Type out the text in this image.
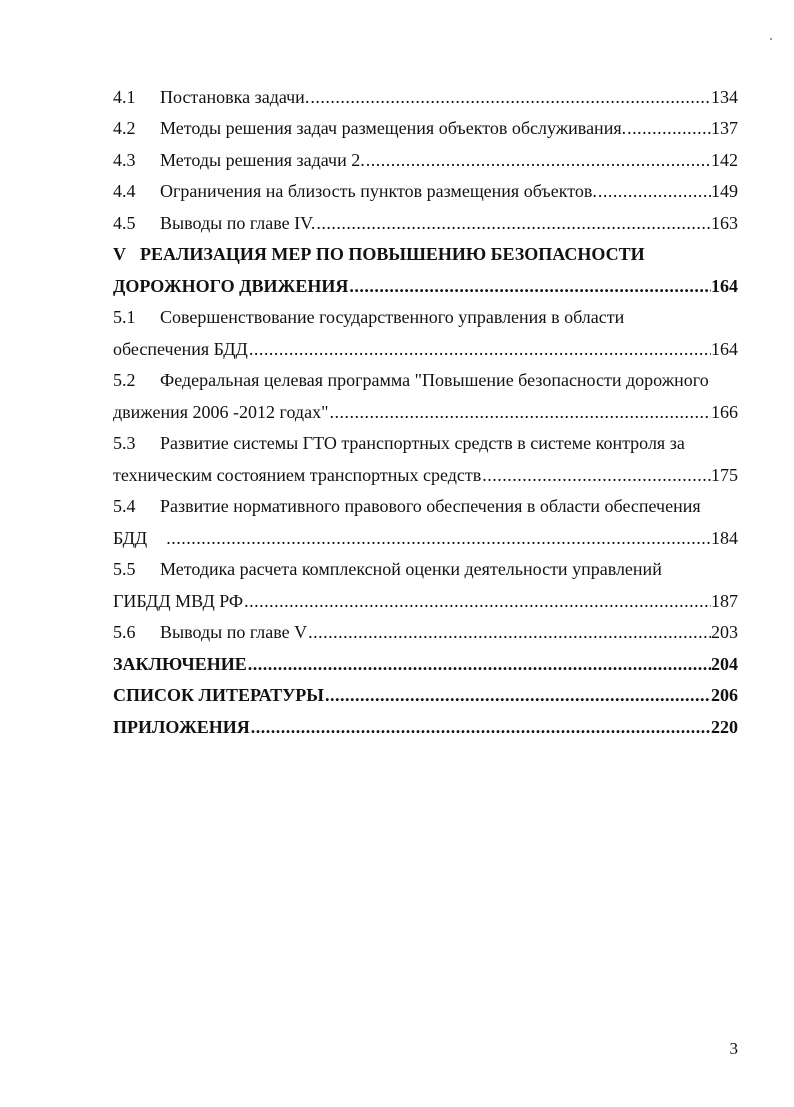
4.1	Постановка задачи. .....	134
4.2	Методы решения задач размещения объектов обслуживания. .....	137
4.3	Методы решения задачи 2. .....	142
4.4	Ограничения на близость пунктов размещения объектов. .....	149
4.5	Выводы по главе IV. .....	163
V РЕАЛИЗАЦИЯ МЕР ПО ПОВЫШЕНИЮ БЕЗОПАСНОСТИ
ДОРОЖНОГО ДВИЖЕНИЯ .....	164
5.1	Совершенствование государственного управления в области
обеспечения БДД .....	164
5.2	Федеральная целевая программа "Повышение безопасности дорожного
движения 2006 -2012 годах" .....	166
5.3	Развитие системы ГТО транспортных средств в системе контроля за
техническим состоянием транспортных средств .....	175
5.4	Развитие нормативного правового обеспечения в области обеспечения
БДД .....	184
5.5	Методика расчета комплексной оценки деятельности управлений
ГИБДД МВД РФ .....	187
5.6	Выводы по главе V .....	203
ЗАКЛЮЧЕНИЕ .....	204
СПИСОК ЛИТЕРАТУРЫ .....	206
ПРИЛОЖЕНИЯ .....	220
3
